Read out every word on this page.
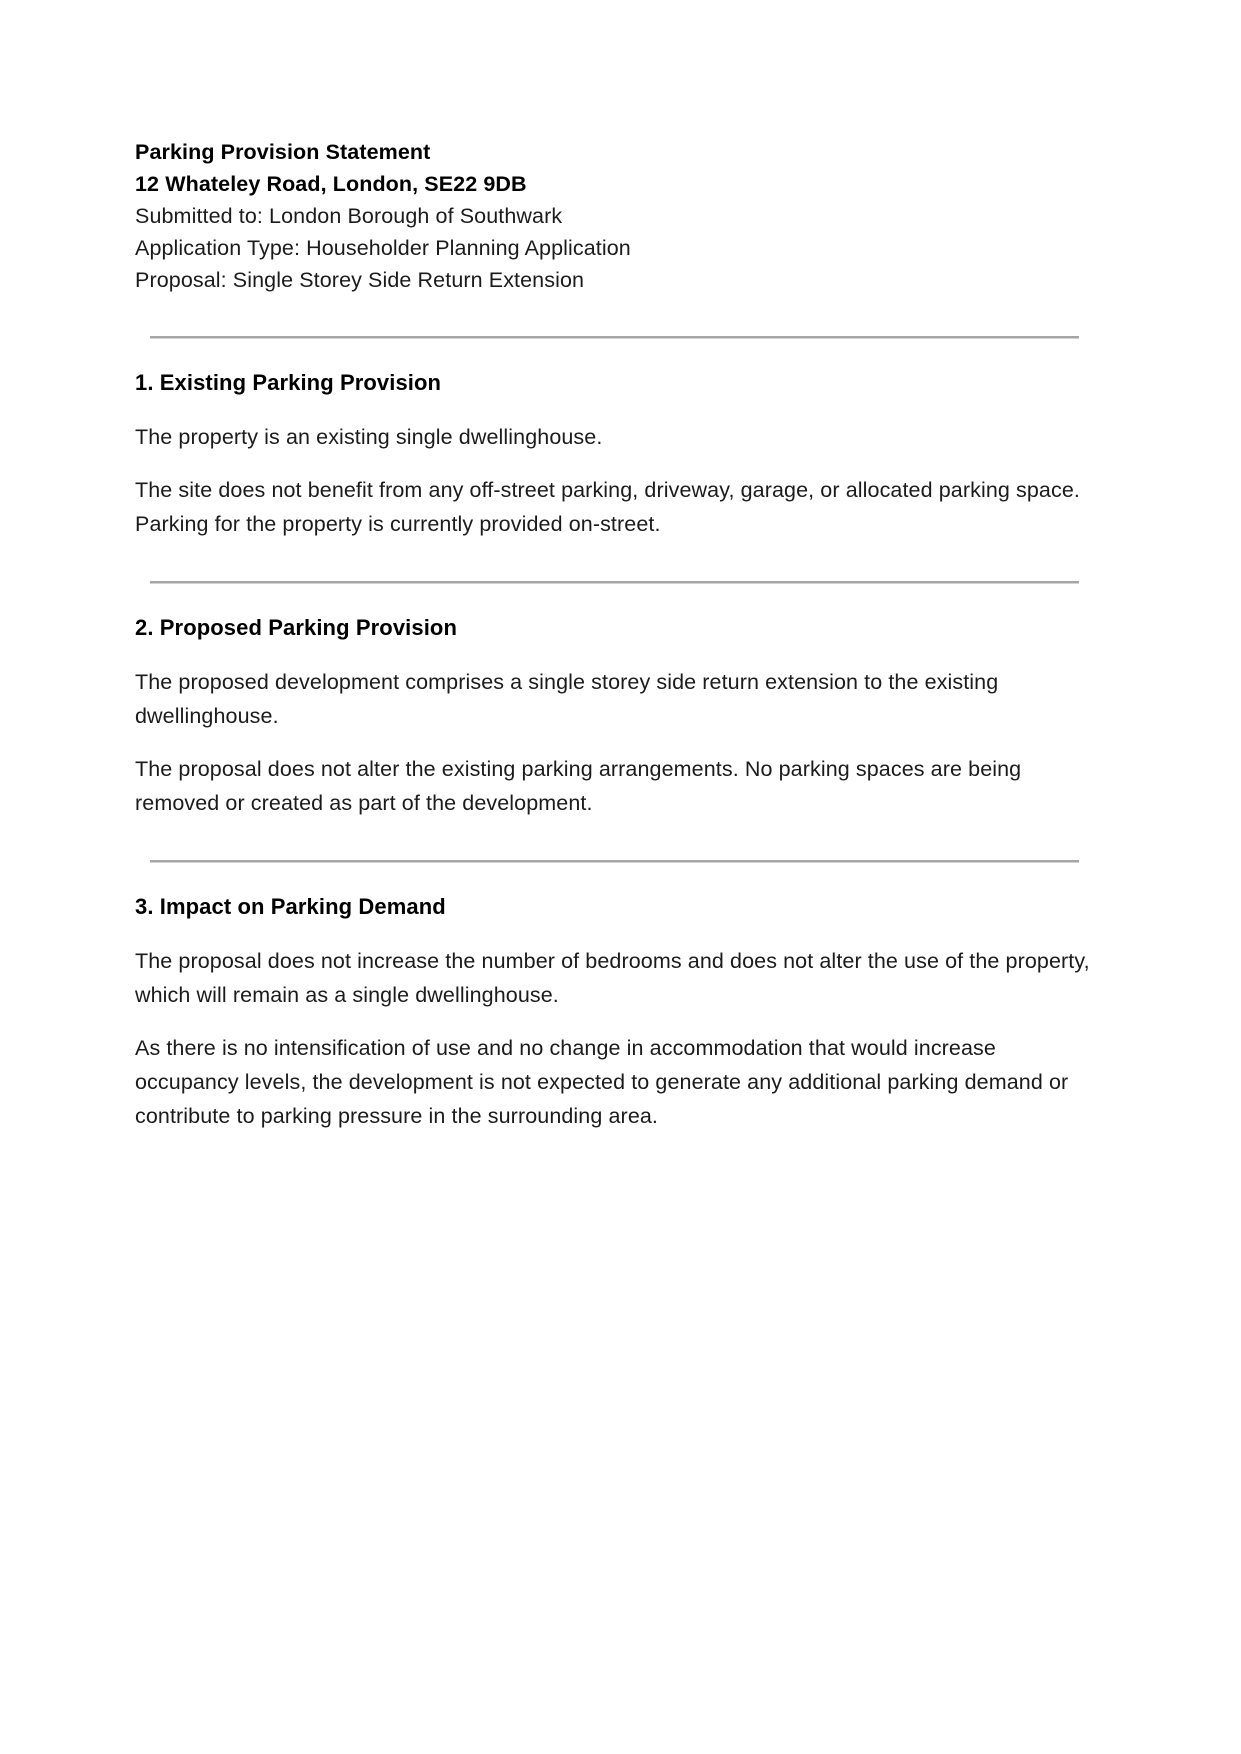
Parking Provision Statement
12 Whateley Road, London, SE22 9DB
Submitted to: London Borough of Southwark
Application Type: Householder Planning Application
Proposal: Single Storey Side Return Extension
1. Existing Parking Provision

The property is an existing single dwellinghouse.

The site does not benefit from any off-street parking, driveway, garage, or allocated parking space. Parking for the property is currently provided on-street.

2. Proposed Parking Provision

The proposed development comprises a single storey side return extension to the existing dwellinghouse.

The proposal does not alter the existing parking arrangements. No parking spaces are being removed or created as part of the development.

3. Impact on Parking Demand

The proposal does not increase the number of bedrooms and does not alter the use of the property, which will remain as a single dwellinghouse.

As there is no intensification of use and no change in accommodation that would increase occupancy levels, the development is not expected to generate any additional parking demand or contribute to parking pressure in the surrounding area.
